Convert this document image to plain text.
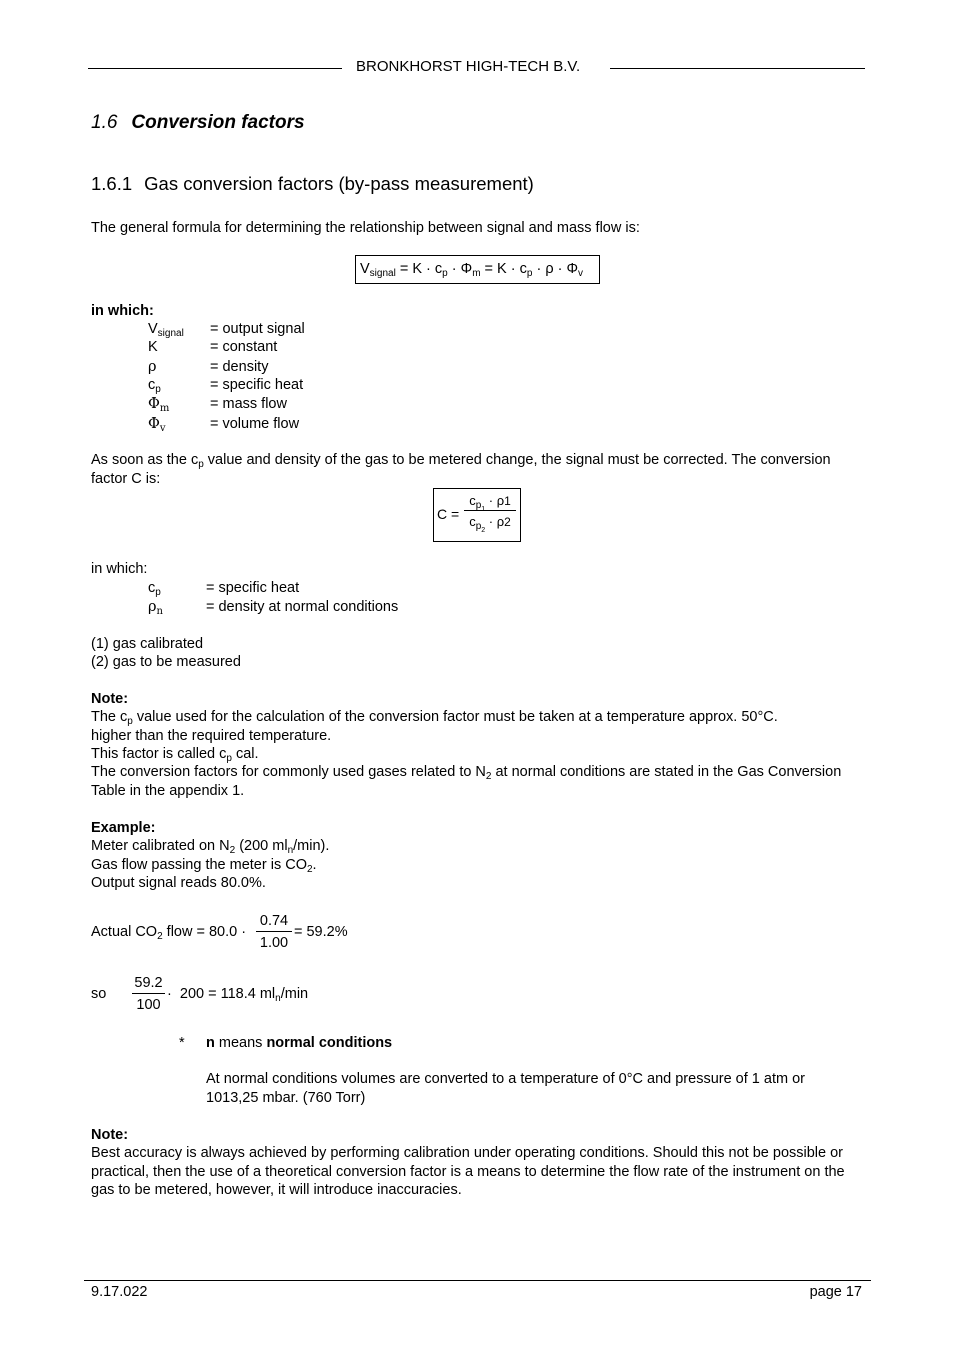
BRONKHORST HIGH-TECH B.V.
1.6 Conversion factors
1.6.1 Gas conversion factors (by-pass measurement)
The general formula for determining the relationship between signal and mass flow is:
$V_{signal} = K \cdot c_p \cdot \Phi_m = K \cdot c_p \cdot \rho \cdot \Phi_v$
in which:
$V_{signal}$ = output signal
K	= constant
ρ	= density
$c_p$	= specific heat
$\Phi_m$	= mass flow
$\Phi_v$	= volume flow
As soon as the $c_p$ value and density of the gas to be metered change, the signal must be corrected. The conversion factor C is:
$C = \frac{c_{p_1} \cdot \rho 1}{c_{p_2} \cdot \rho 2}$
in which:
$c_p$	= specific heat
$\rho_n$	= density at normal conditions
(1) gas calibrated
(2) gas to be measured
Note:
The $c_p$ value used for the calculation of the conversion factor must be taken at a temperature approx. 50°C.
higher than the required temperature.
This factor is called $c_p$ cal.
The conversion factors for commonly used gases related to $N_2$ at normal conditions are stated in the Gas Conversion Table in the appendix 1.
Example:
Meter calibrated on $N_2$ (200 $ml_n/\min$).
Gas flow passing the meter is $CO_2$.
Output signal reads 80.0%.
Actual $CO_2$ flow = $80.0 \cdot \frac{0.74}{1.00} = 59.2\%$
so $\frac{59.2}{100} \cdot 200 = 118.4$ $ml_n/\min$
* n means normal conditions
At normal conditions volumes are converted to a temperature of 0°C and pressure of 1 atm or 1013,25 mbar. (760 Torr)
Note:
Best accuracy is always achieved by performing calibration under operating conditions. Should this not be possible or practical, then the use of a theoretical conversion factor is a means to determine the flow rate of the instrument on the gas to be metered, however, it will introduce inaccuracies.
9.17.022	page 17
